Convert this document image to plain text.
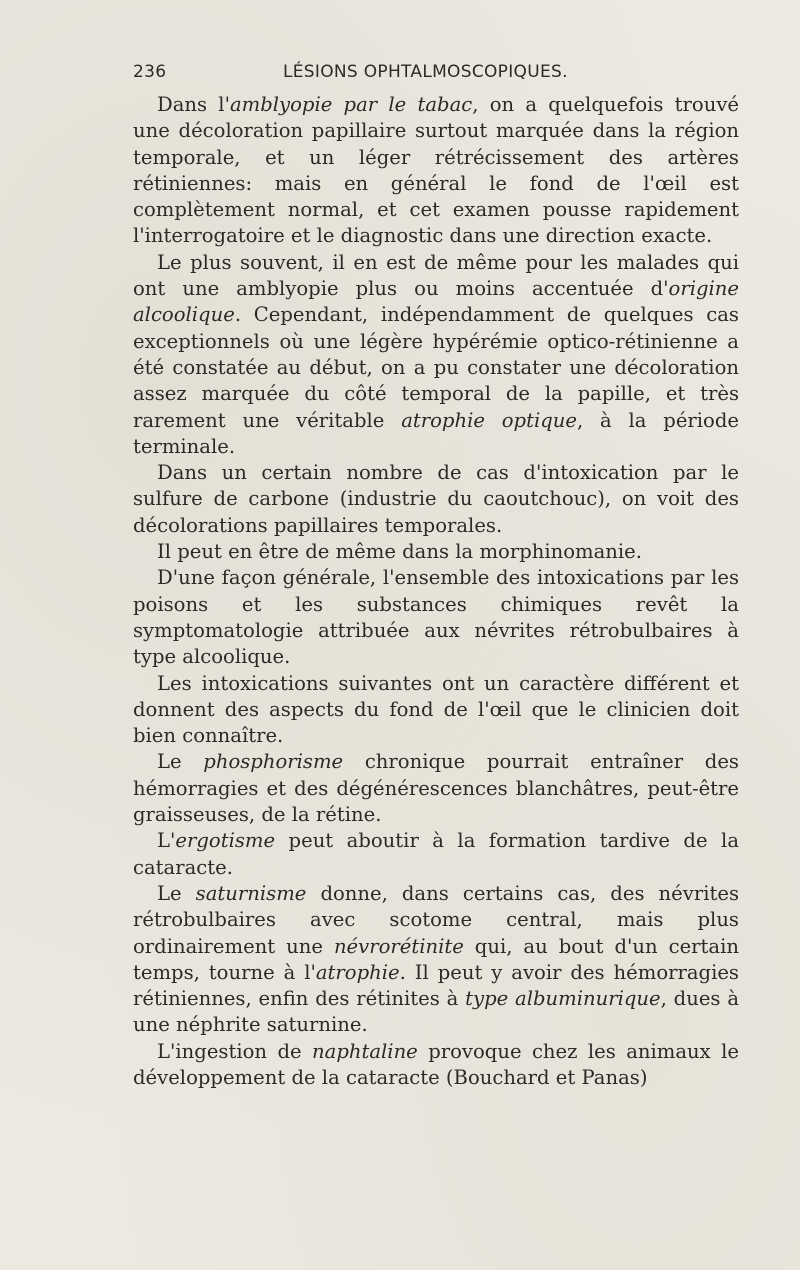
236	LÉSIONS OPHTALMOSCOPIQUES.

Dans l'amblyopie par le tabac, on a quelquefois trouvé une décoloration papillaire surtout marquée dans la région temporale, et un léger rétrécissement des artères rétiniennes: mais en général le fond de l'œil est complètement normal, et cet examen pousse rapidement l'interrogatoire et le diagnostic dans une direction exacte.

Le plus souvent, il en est de même pour les malades qui ont une amblyopie plus ou moins accentuée d'origine alcoolique. Cependant, indépendamment de quelques cas exceptionnels où une légère hypérémie optico-rétinienne a été constatée au début, on a pu constater une décoloration assez marquée du côté temporal de la papille, et très rarement une véritable atrophie optique, à la période terminale.

Dans un certain nombre de cas d'intoxication par le sulfure de carbone (industrie du caoutchouc), on voit des décolorations papillaires temporales.

Il peut en être de même dans la morphinomanie.

D'une façon générale, l'ensemble des intoxications par les poisons et les substances chimiques revêt la symptomatologie attribuée aux névrites rétrobulbaires à type alcoolique.

Les intoxications suivantes ont un caractère différent et donnent des aspects du fond de l'œil que le clinicien doit bien connaître.

Le phosphorisme chronique pourrait entraîner des hémorragies et des dégénérescences blanchâtres, peut-être graisseuses, de la rétine.

L'ergotisme peut aboutir à la formation tardive de la cataracte.

Le saturnisme donne, dans certains cas, des névrites rétrobulbaires avec scotome central, mais plus ordinairement une névrorétinite qui, au bout d'un certain temps, tourne à l'atrophie. Il peut y avoir des hémorragies rétiniennes, enfin des rétinites à type albuminurique, dues à une néphrite saturnine.

L'ingestion de naphtaline provoque chez les animaux le développement de la cataracte (Bouchard et Panas)
